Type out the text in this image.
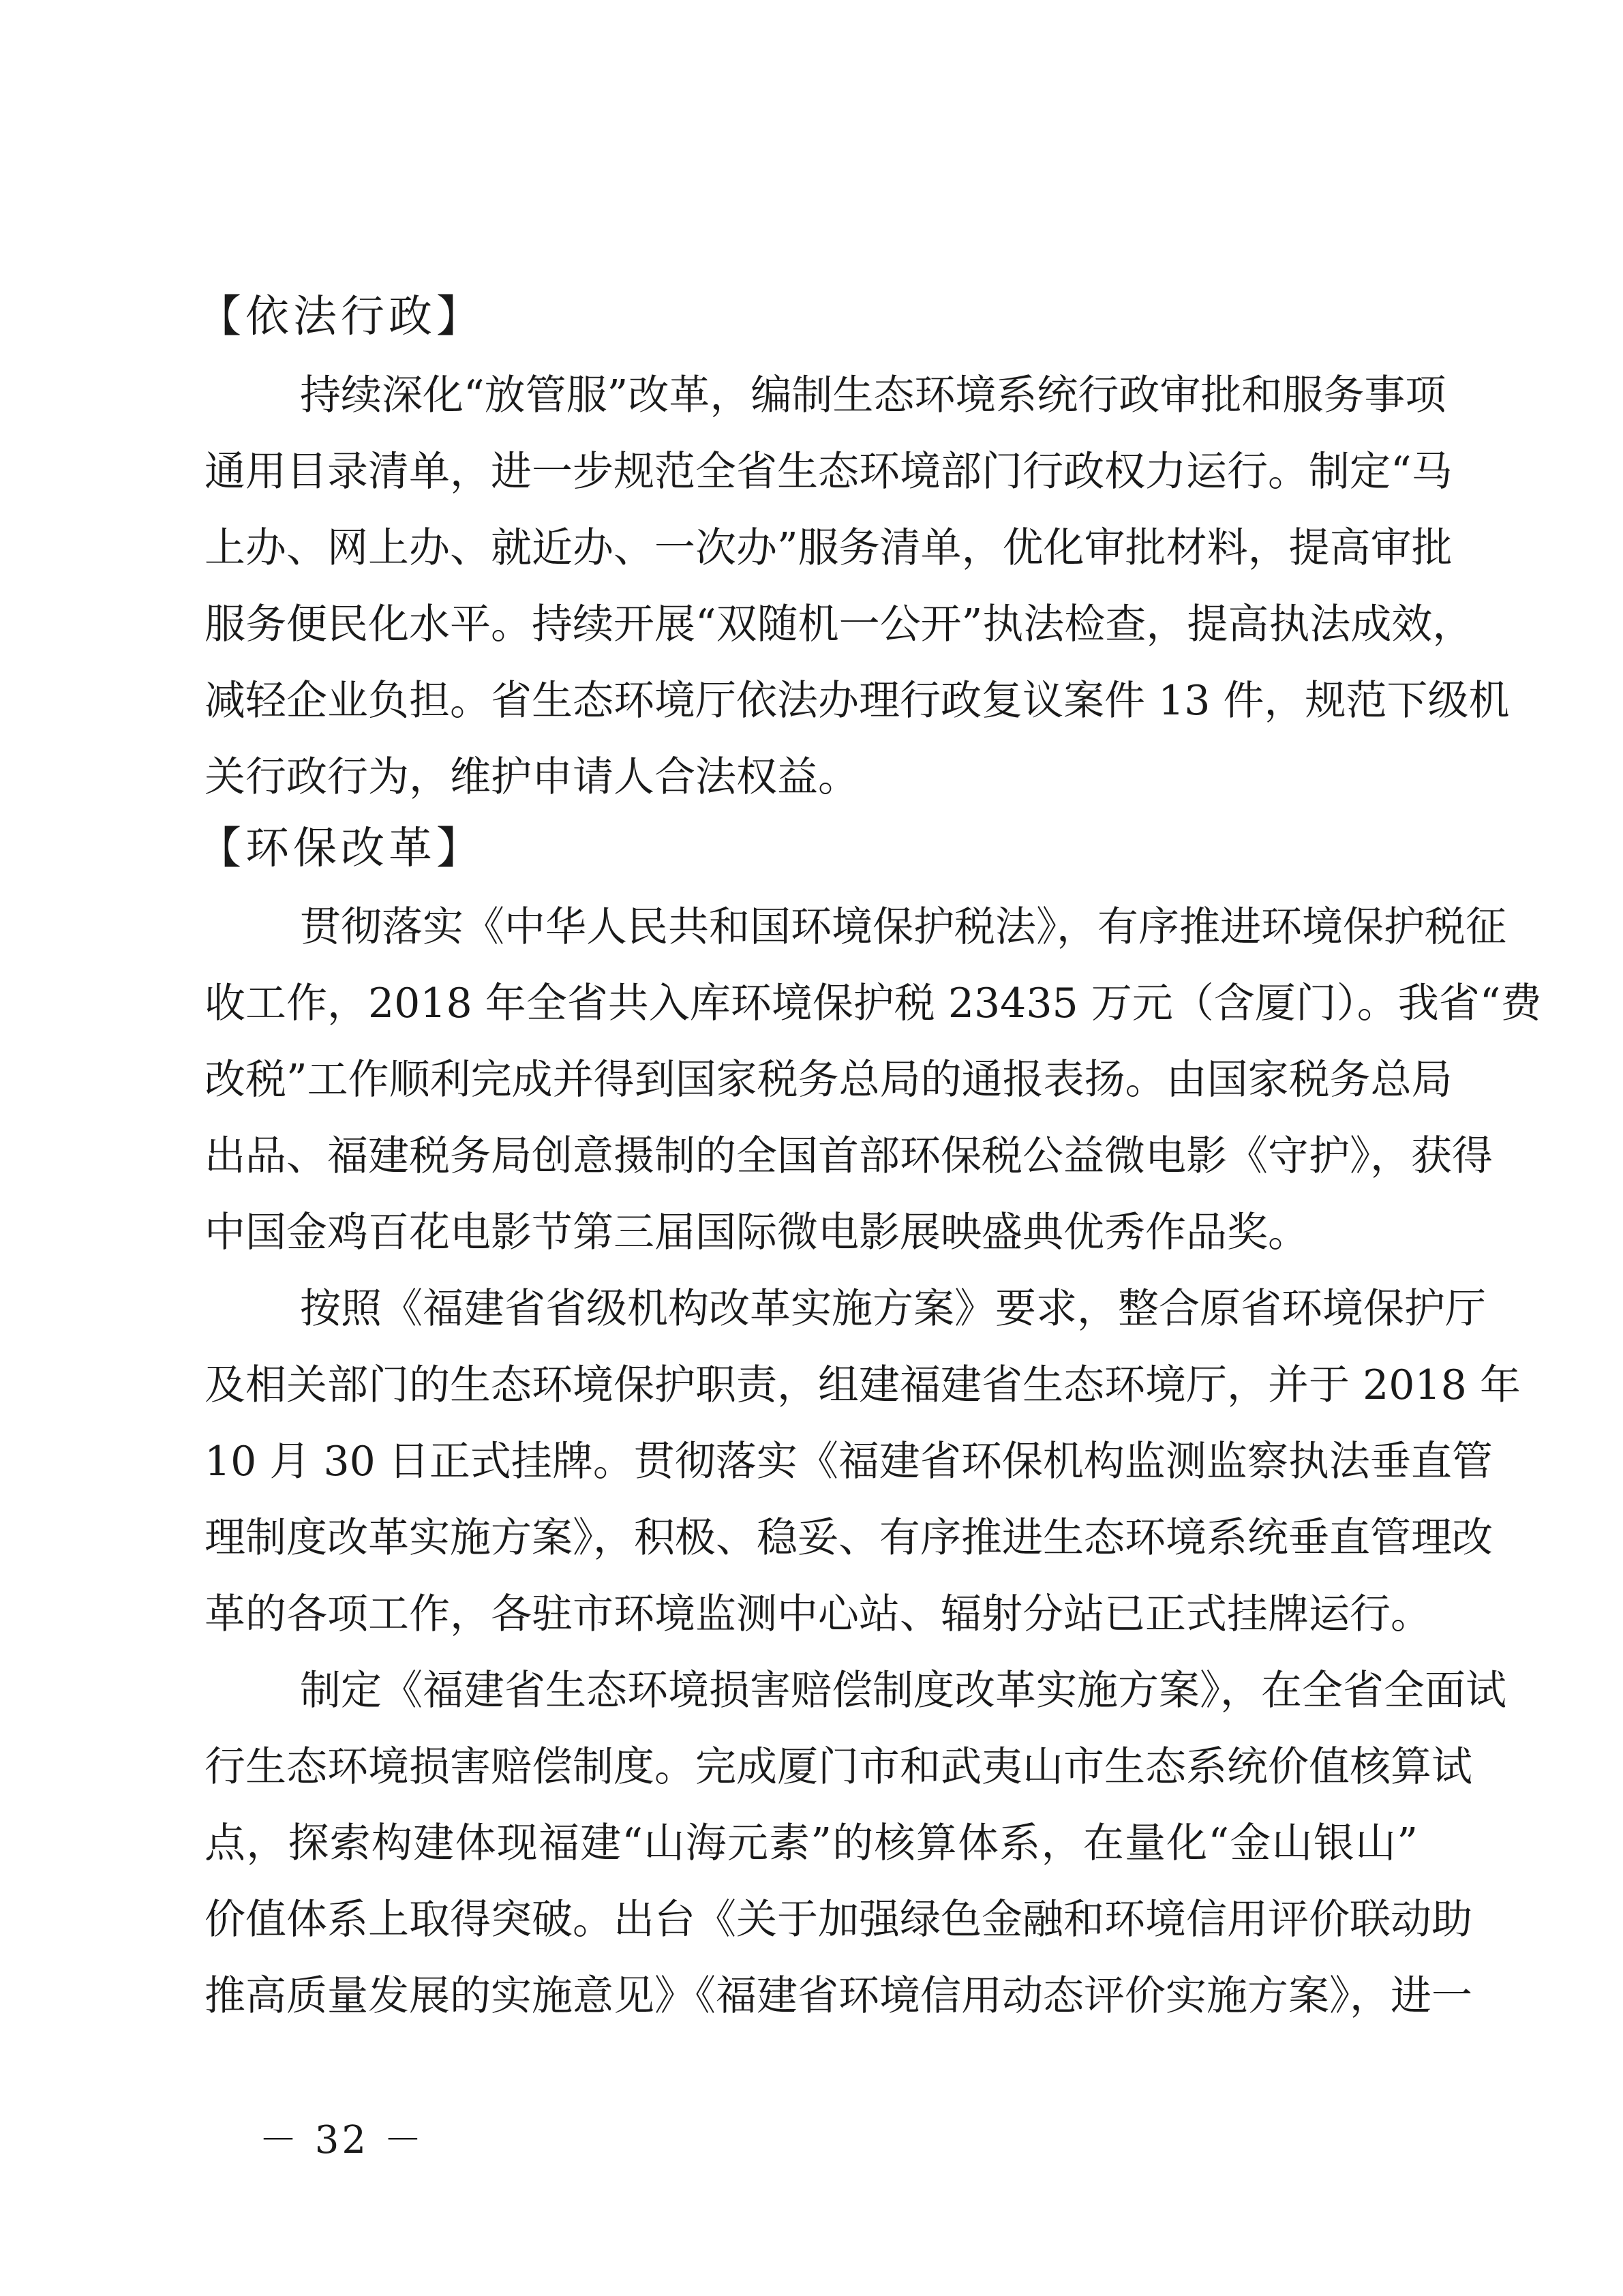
【依法行政】
持续深化“放管服”改革，编制生态环境系统行政审批和服务事项
通用目录清单，进一步规范全省生态环境部门行政权力运行。制定“马
上办、网上办、就近办、一次办”服务清单，优化审批材料，提高审批
服务便民化水平。持续开展“双随机一公开”执法检查，提高执法成效，
减轻企业负担。省生态环境厅依法办理行政复议案件 13 件，规范下级机
关行政行为，维护申请人合法权益。
【环保改革】
贯彻落实《中华人民共和国环境保护税法》，有序推进环境保护税征
收工作，2018 年全省共入库环境保护税 23435 万元（含厦门）。我省“费
改税”工作顺利完成并得到国家税务总局的通报表扬。由国家税务总局
出品、福建税务局创意摄制的全国首部环保税公益微电影《守护》，获得
中国金鸡百花电影节第三届国际微电影展映盛典优秀作品奖。
按照《福建省省级机构改革实施方案》要求，整合原省环境保护厅
及相关部门的生态环境保护职责，组建福建省生态环境厅，并于 2018 年
10 月 30 日正式挂牌。贯彻落实《福建省环保机构监测监察执法垂直管
理制度改革实施方案》，积极、稳妥、有序推进生态环境系统垂直管理改
革的各项工作，各驻市环境监测中心站、辐射分站已正式挂牌运行。
制定《福建省生态环境损害赔偿制度改革实施方案》，在全省全面试
行生态环境损害赔偿制度。完成厦门市和武夷山市生态系统价值核算试
点，探索构建体现福建“山海元素”的核算体系，在量化“金山银山”
价值体系上取得突破。出台《关于加强绿色金融和环境信用评价联动助
推高质量发展的实施意见》《福建省环境信用动态评价实施方案》，进一
－ 32 －
